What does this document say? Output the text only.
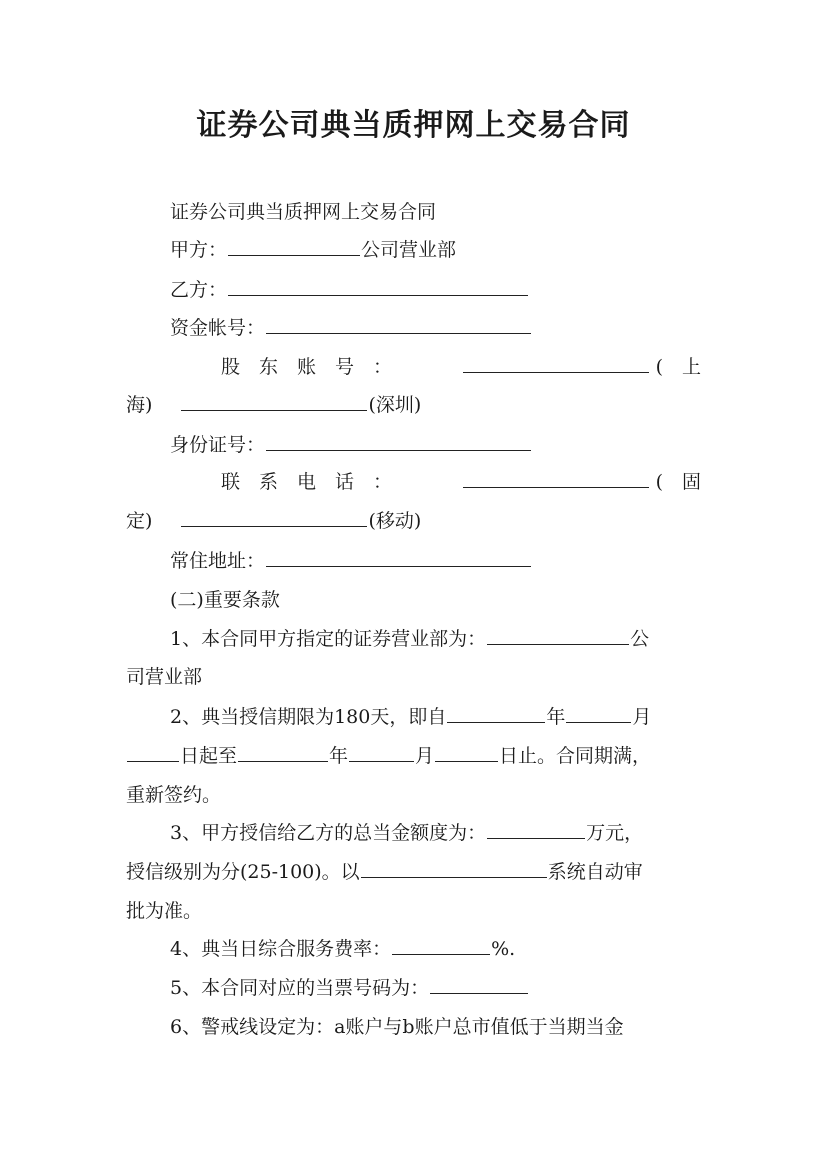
证券公司典当质押网上交易合同
证券公司典当质押网上交易合同
甲方：	公司营业部
乙方：
资金帐号：
股　东　账　号　：	(　上
海)	(深圳)
身份证号：
联　系　电　话　：	(　固
定)	(移动)
常住地址：
(二)重要条款
1、本合同甲方指定的证券营业部为：	公
司营业部
2、典当授信期限为180天，即自	年	月
日起至	年	月	日止。合同期满，
重新签约。
3、甲方授信给乙方的总当金额度为：	万元，
授信级别为分(25-100)。以	系统自动审
批为准。
4、典当日综合服务费率：	%.
5、本合同对应的当票号码为：
6、警戒线设定为：a账户与b账户总市值低于当期当金
